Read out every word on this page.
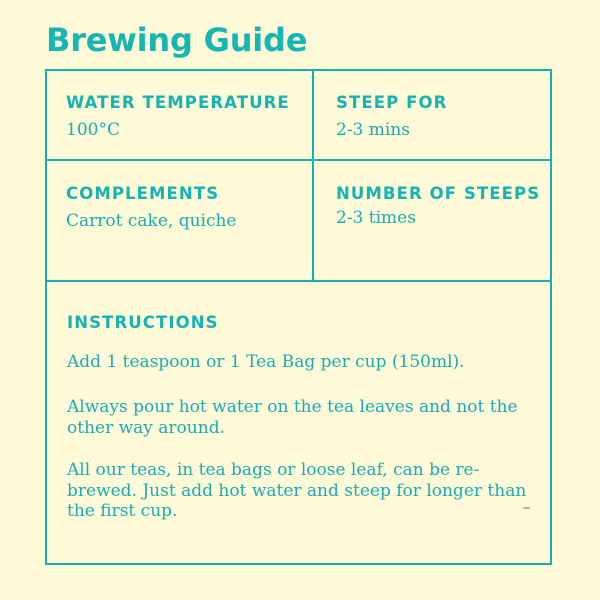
Brewing Guide

WATER TEMPERATURE

100°C

STEEP FOR

2-3 mins

COMPLEMENTS

Carrot cake, quiche

NUMBER OF STEEPS

2-3 times

INSTRUCTIONS

Add 1 teaspoon or 1 Tea Bag per cup (150ml).

Always pour hot water on the tea leaves and not the other way around.

All our teas, in tea bags or loose leaf, can be re-brewed. Just add hot water and steep for longer than the first cup.
